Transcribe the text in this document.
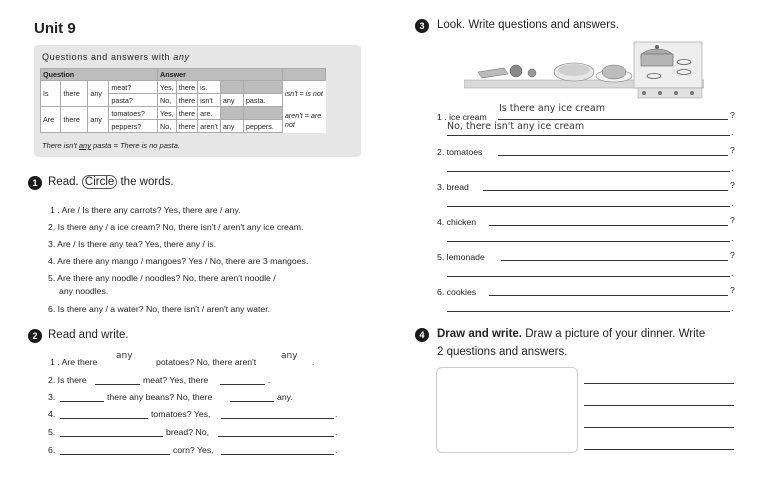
Unit 9
Questions and answers with any
Question				Answer					
Is	there	any	meat?	Yes,	there	is.			isn't = is not
			pasta?	No,	there	isn't	any	pasta.	
Are	there	any	tomatoes?	Yes,	there	are.			aren't = are not
			peppers?	No,	there	aren't	any	peppers.	
There isn't any pasta = There is no pasta.
1 Read. Circle the words.
1 . Are / Is there any carrots? Yes, there are / any.
2. Is there any / a ice cream? No, there isn't / aren't any ice cream.
3. Are / Is there any tea? Yes, there any / is.
4. Are there any mango / mangoes? Yes / No, there are 3 mangoes.
5. Are there any noodle / noodles? No, there aren't noodle /
any noodles.
6. Is there any / a water? No, there isn't / aren't any water.
2 Read and write.
1 . Are there
any
potatoes? No, there aren't
any
.
2. Is there	meat? Yes, there	.
3.	there any beans? No, there	any.
4.	tomatoes? Yes,	.
5.	bread? No,	.
6.	corn? Yes,	.
3	Look. Write questions and answers.
1 . ice cream
Is there any ice cream
?
No, there isn't any ice cream	.
2. tomatoes	?
.
3. bread	?
.
4. chicken	?
.
5. lemonade	?
.
6. cookies	?
.
4	Draw and write. Draw a picture of your dinner. Write
2 questions and answers.
